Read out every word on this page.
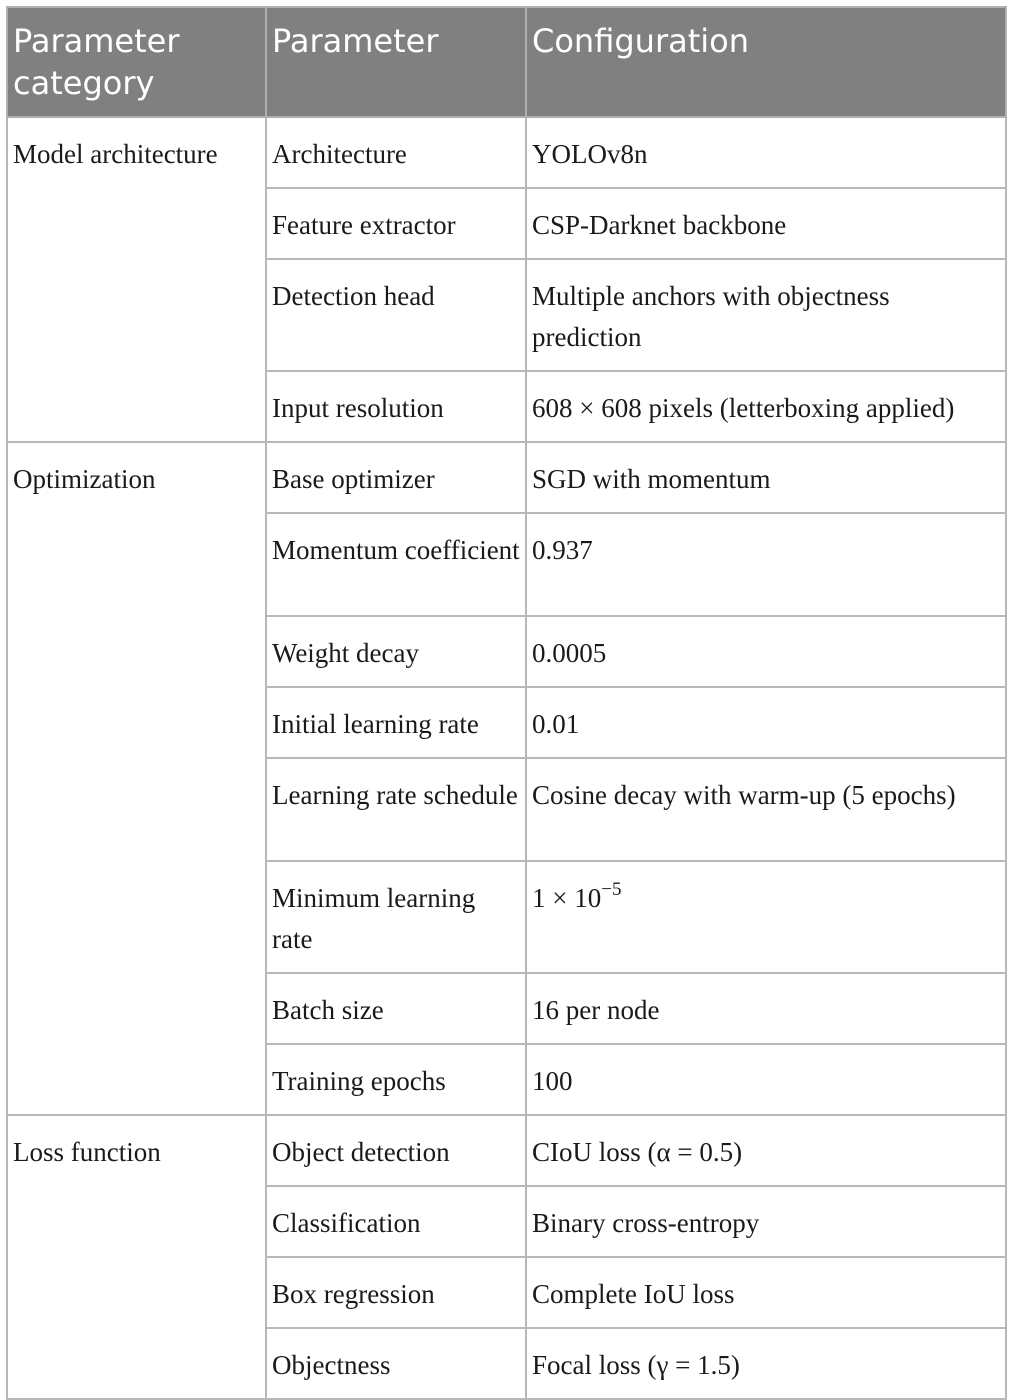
Parameter category	Parameter	Configuration
Model architecture	Architecture	YOLOv8n
	Feature extractor	CSP-Darknet backbone
	Detection head	Multiple anchors with objectness prediction
	Input resolution	608 × 608 pixels (letterboxing applied)
Optimization	Base optimizer	SGD with momentum
	Momentum coefficient	0.937
	Weight decay	0.0005
	Initial learning rate	0.01
	Learning rate schedule	Cosine decay with warm-up (5 epochs)
	Minimum learning rate	$1 \times 10^{-5}$
	Batch size	16 per node
	Training epochs	100
Loss function	Object detection	CIoU loss (α = 0.5)
	Classification	Binary cross-entropy
	Box regression	Complete IoU loss
	Objectness	Focal loss (γ = 1.5)
